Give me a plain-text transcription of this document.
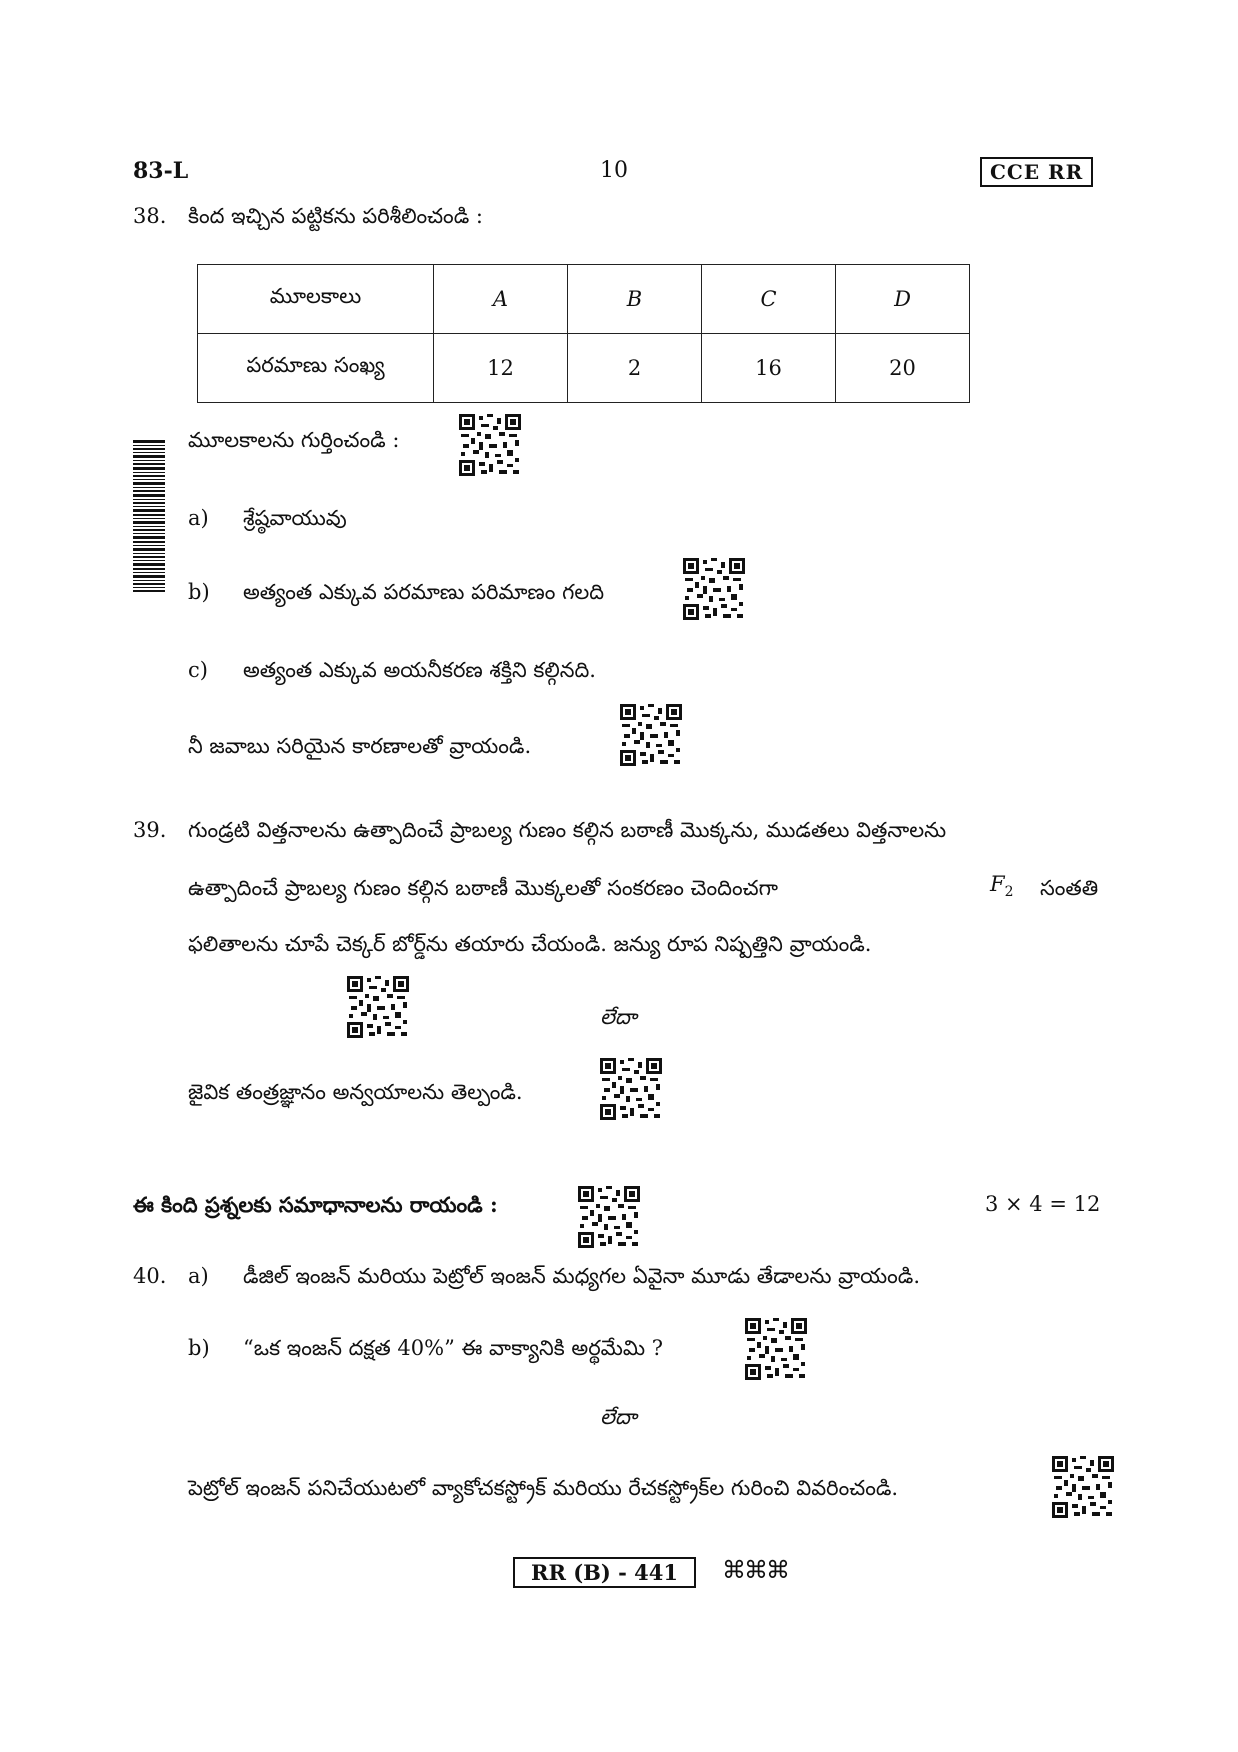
83-L	10	CCE RR
38. కింద ఇచ్చిన పట్టికను పరిశీలించండి :
మూలకాలు	A	B	C	D
పరమాణు సంఖ్య	12	2	16	20
మూలకాలను గుర్తించండి :
a) శ్రేష్ఠవాయువు
b) అత్యంత ఎక్కువ పరమాణు పరిమాణం గలది
c) అత్యంత ఎక్కువ అయనీకరణ శక్తిని కల్గినది.
నీ జవాబు సరియైన కారణాలతో వ్రాయండి.
39. గుండ్రటి విత్తనాలను ఉత్పాదించే ప్రాబల్య గుణం కల్గిన బఠాణీ మొక్కను, ముడతలు విత్తనాలను
ఉత్పాదించే ప్రాబల్య గుణం కల్గిన బఠాణీ మొక్కలతో సంకరణం చెందించగా	$F_2$ సంతతి
ఫలితాలను చూపే చెక్కర్ బోర్డ్‌ను తయారు చేయండి. జన్యు రూప నిష్పత్తిని వ్రాయండి.
లేదా
జైవిక తంత్రజ్ఞానం అన్వయాలను తెల్పండి.
ఈ కింది ప్రశ్నలకు సమాధానాలను రాయండి :	3 × 4 = 12
40. a) డీజిల్ ఇంజన్ మరియు పెట్రోల్ ఇంజన్ మధ్యగల ఏవైనా మూడు తేడాలను వ్రాయండి.
b) “ఒక ఇంజన్ దక్షత 40%” ఈ వాక్యానికి అర్థమేమి ?
లేదా
పెట్రోల్ ఇంజన్ పనిచేయుటలో వ్యాకోచకస్ట్రోక్ మరియు రేచకస్ట్రోక్‌ల గురించి వివరించండి.
RR (B) - 441	⌘⌘⌘
